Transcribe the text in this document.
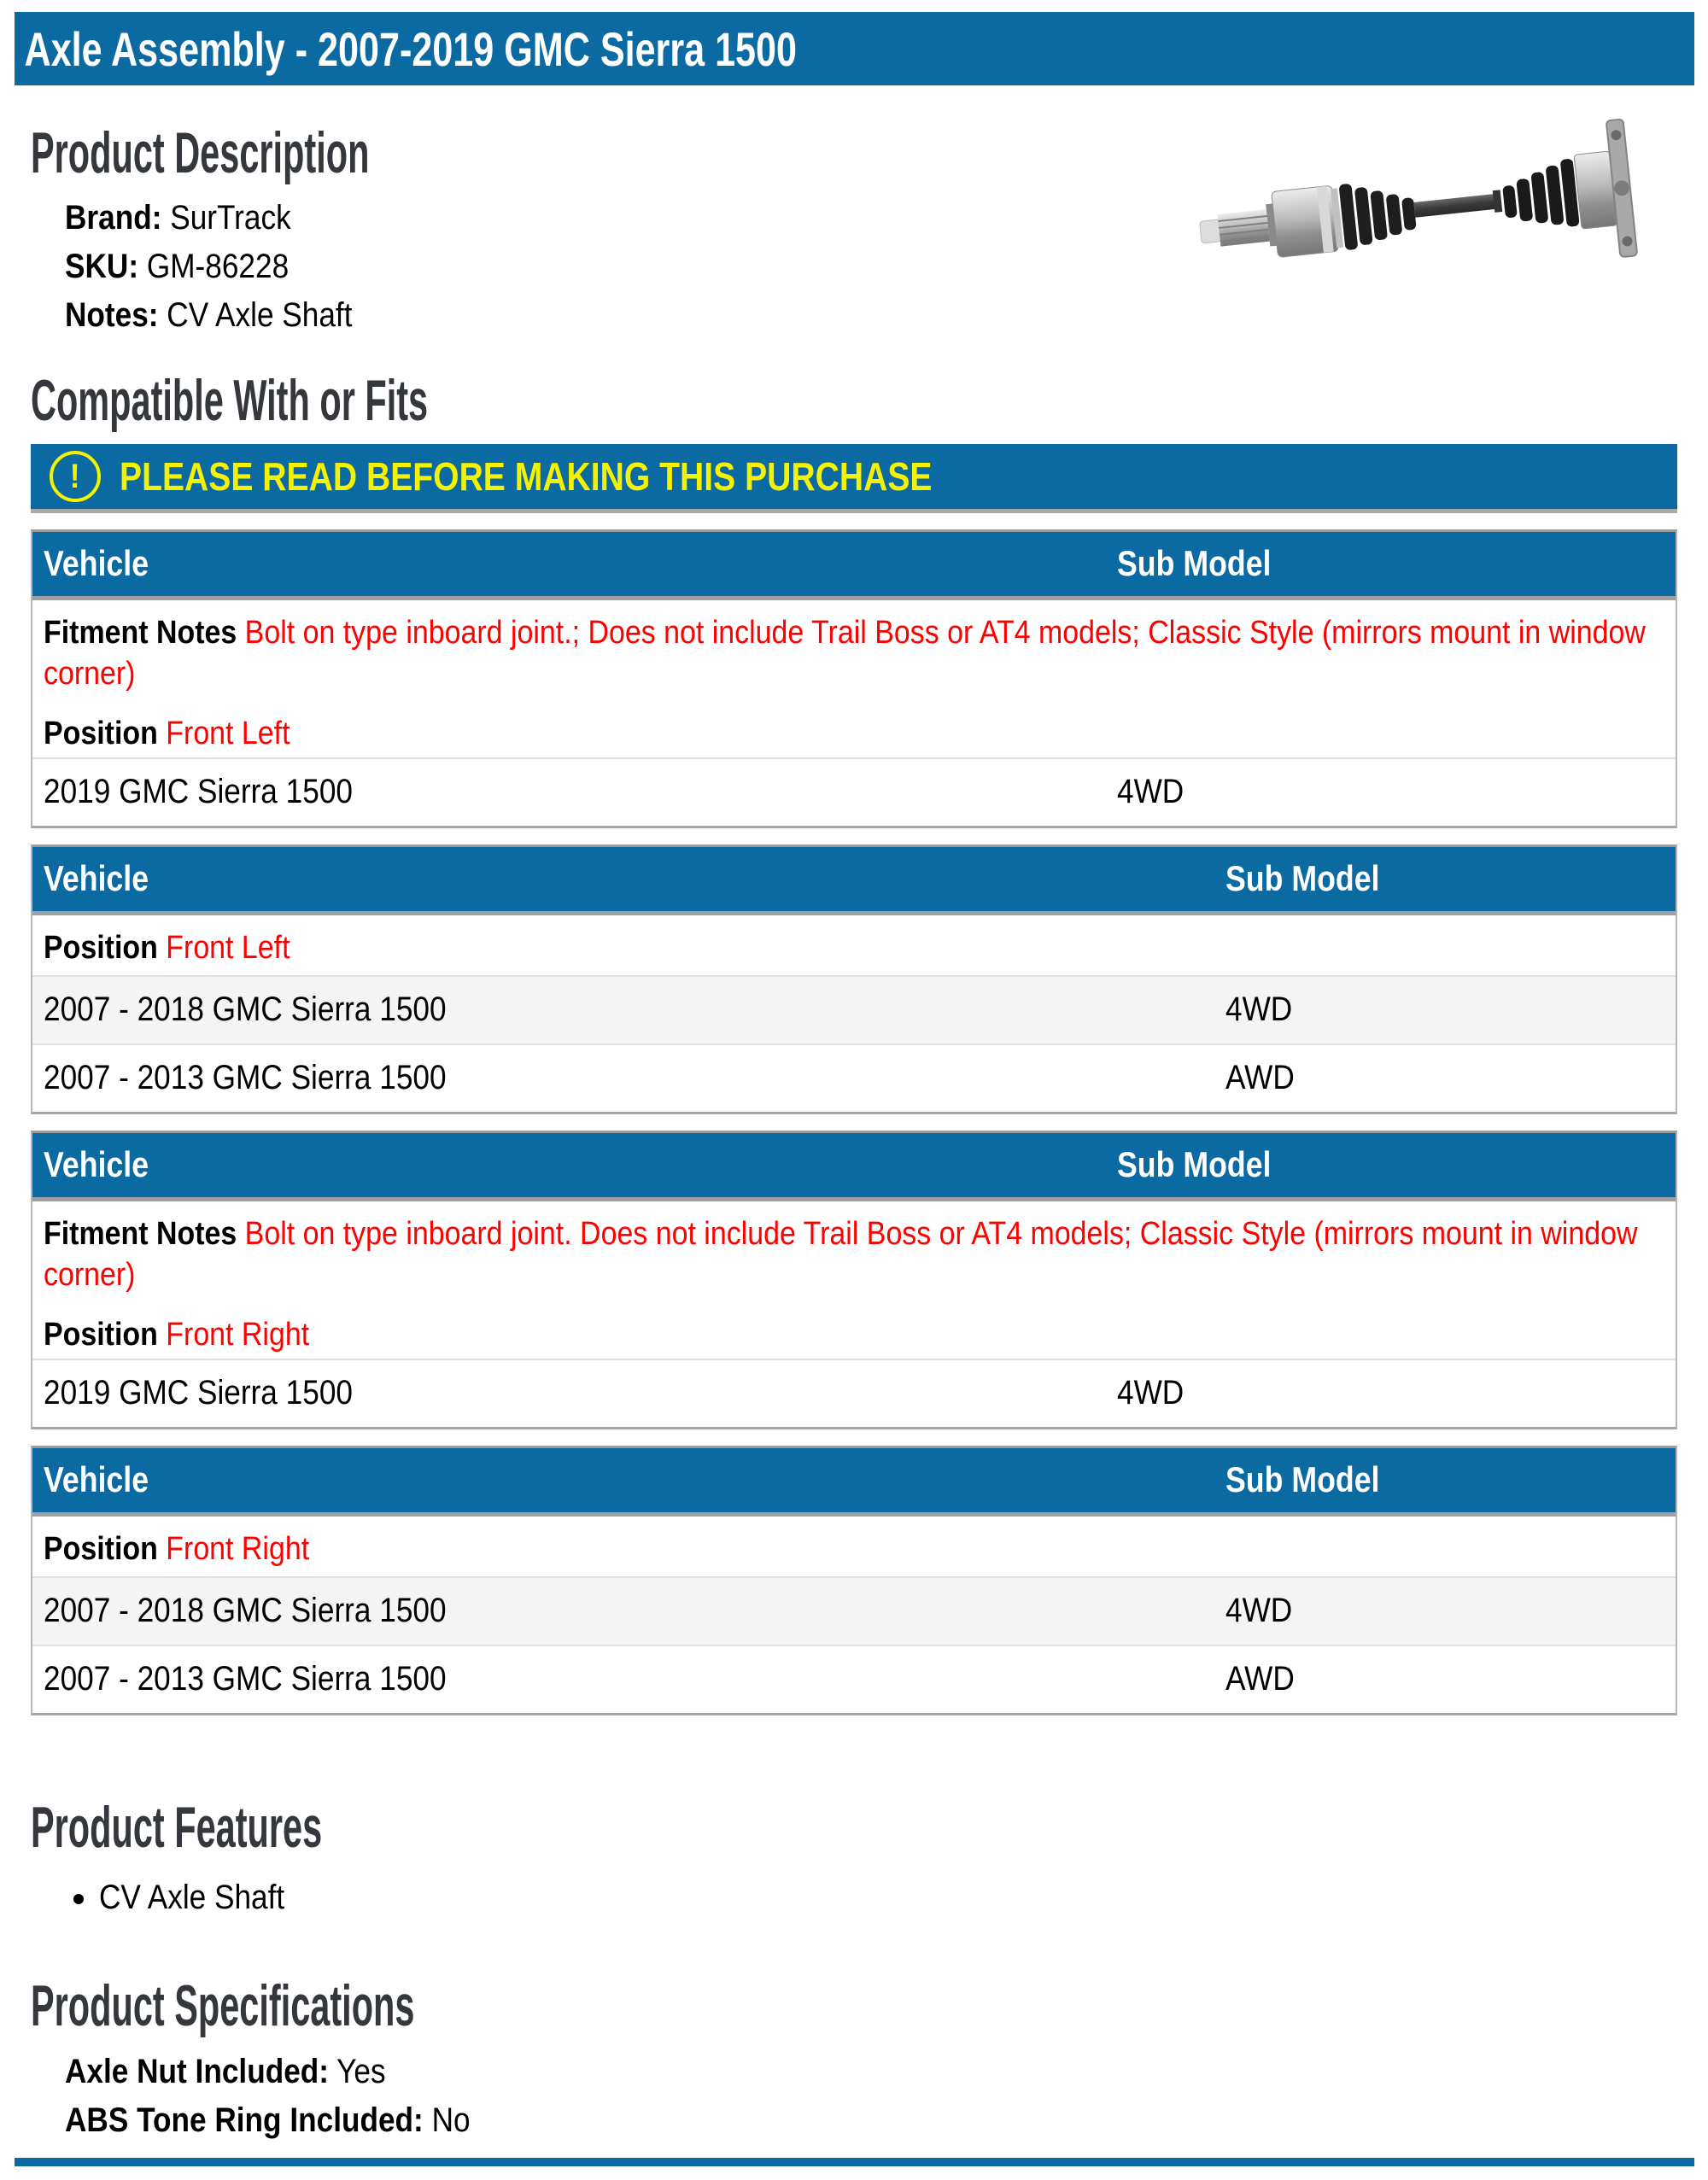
Axle Assembly - 2007-2019 GMC Sierra 1500
Product Description
Brand: SurTrack
SKU: GM-86228
Notes: CV Axle Shaft
Compatible With or Fits
! PLEASE READ BEFORE MAKING THIS PURCHASE
Vehicle	Sub Model
Fitment Notes Bolt on type inboard joint.; Does not include Trail Boss or AT4 models; Classic Style (mirrors mount in window corner)
Position Front Left
2019 GMC Sierra 1500	4WD
Vehicle	Sub Model
Position Front Left
2007 - 2018 GMC Sierra 1500	4WD
2007 - 2013 GMC Sierra 1500	AWD
Vehicle	Sub Model
Fitment Notes Bolt on type inboard joint. Does not include Trail Boss or AT4 models; Classic Style (mirrors mount in window corner)
Position Front Right
2019 GMC Sierra 1500	4WD
Vehicle	Sub Model
Position Front Right
2007 - 2018 GMC Sierra 1500	4WD
2007 - 2013 GMC Sierra 1500	AWD
Product Features
• CV Axle Shaft
Product Specifications
Axle Nut Included: Yes
ABS Tone Ring Included: No
